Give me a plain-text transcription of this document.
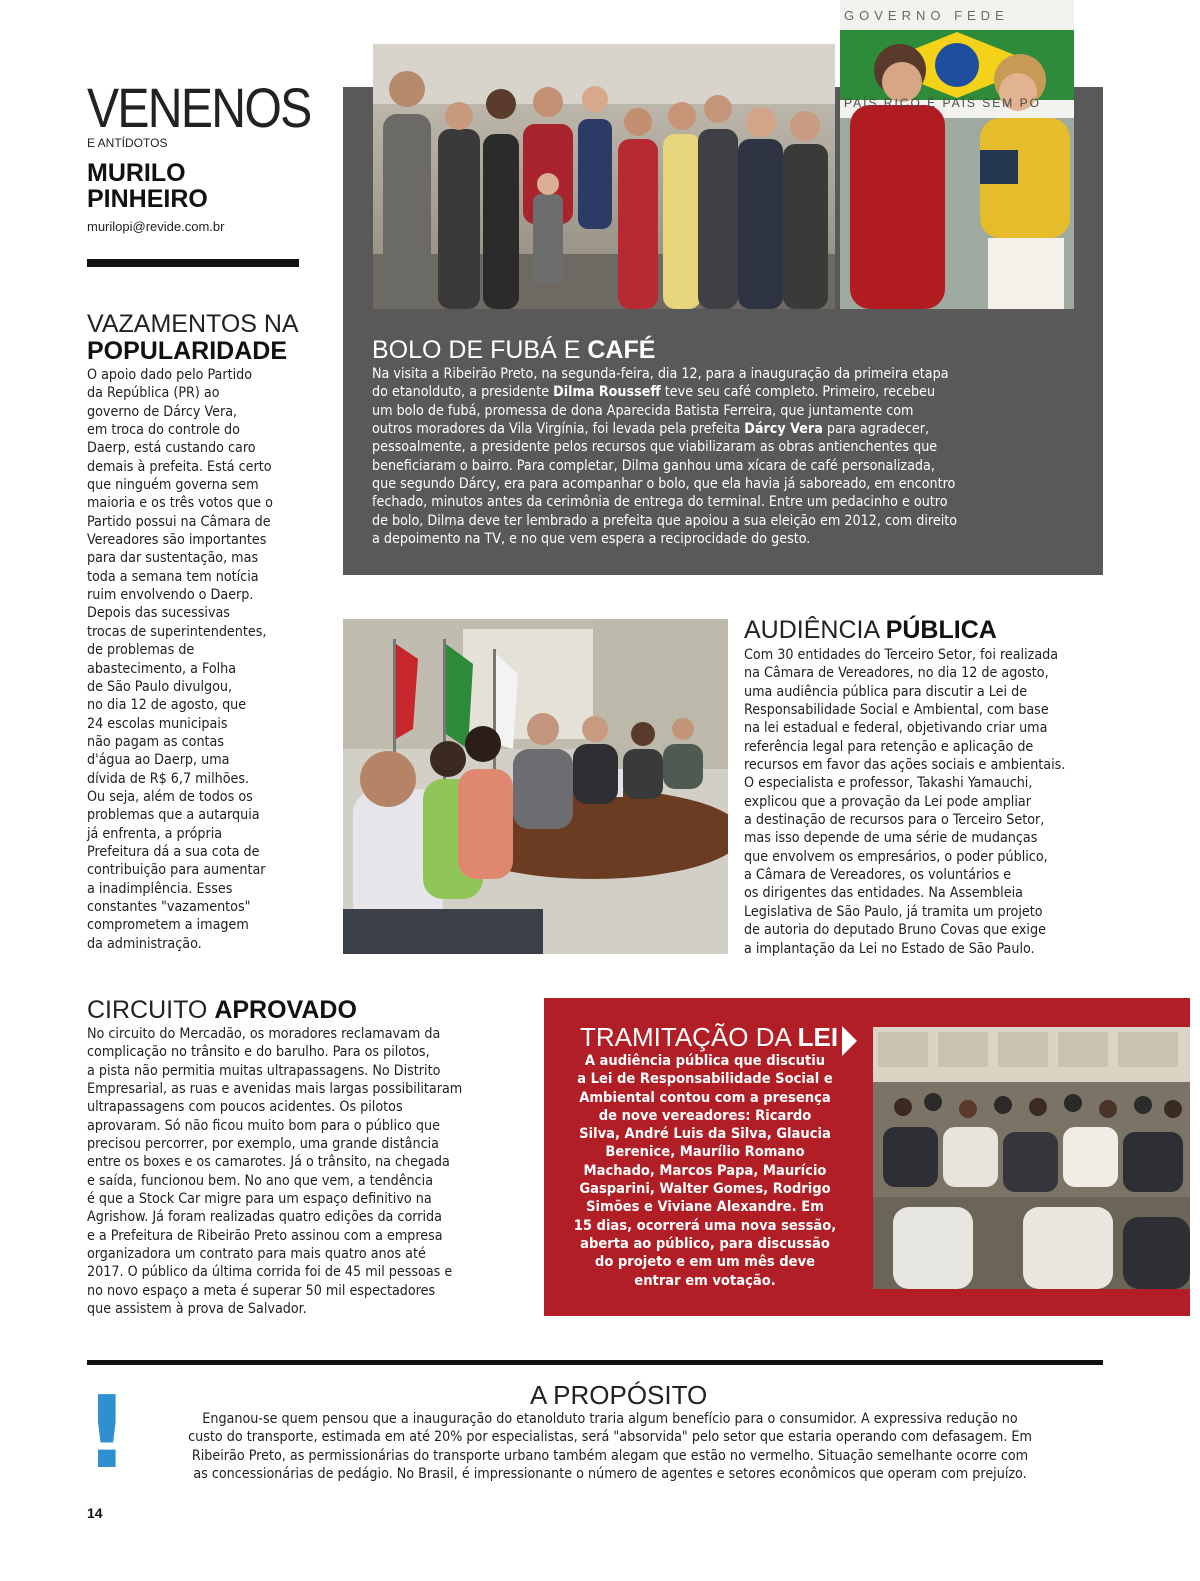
VENENOS
E ANTÍDOTOS
MURILO
PINHEIRO
murilopi@revide.com.br
VAZAMENTOS NA
POPULARIDADE
O apoio dado pelo Partido
da República (PR) ao
governo de Dárcy Vera,
em troca do controle do
Daerp, está custando caro
demais à prefeita. Está certo
que ninguém governa sem
maioria e os três votos que o
Partido possui na Câmara de
Vereadores são importantes
para dar sustentação, mas
toda a semana tem notícia
ruim envolvendo o Daerp.
Depois das sucessivas
trocas de superintendentes,
de problemas de
abastecimento, a Folha
de São Paulo divulgou,
no dia 12 de agosto, que
24 escolas municipais
não pagam as contas
d'água ao Daerp, uma
dívida de R$ 6,7 milhões.
Ou seja, além de todos os
problemas que a autarquia
já enfrenta, a própria
Prefeitura dá a sua cota de
contribuição para aumentar
a inadimplência. Esses
constantes "vazamentos"
comprometem a imagem
da administração.
GOVERNO FEDE
PAÍS RICO É PAÍS SEM PO
BOLO DE FUBÁ E CAFÉ
Na visita a Ribeirão Preto, na segunda-feira, dia 12, para a inauguração da primeira etapa
do etanolduto, a presidente Dilma Rousseff teve seu café completo. Primeiro, recebeu
um bolo de fubá, promessa de dona Aparecida Batista Ferreira, que juntamente com
outros moradores da Vila Virgínia, foi levada pela prefeita Dárcy Vera para agradecer,
pessoalmente, a presidente pelos recursos que viabilizaram as obras antienchentes que
beneficiaram o bairro. Para completar, Dilma ganhou uma xícara de café personalizada,
que segundo Dárcy, era para acompanhar o bolo, que ela havia já saboreado, em encontro
fechado, minutos antes da cerimônia de entrega do terminal. Entre um pedacinho e outro
de bolo, Dilma deve ter lembrado a prefeita que apoiou a sua eleição em 2012, com direito
a depoimento na TV, e no que vem espera a reciprocidade do gesto.
AUDIÊNCIA PÚBLICA
Com 30 entidades do Terceiro Setor, foi realizada
na Câmara de Vereadores, no dia 12 de agosto,
uma audiência pública para discutir a Lei de
Responsabilidade Social e Ambiental, com base
na lei estadual e federal, objetivando criar uma
referência legal para retenção e aplicação de
recursos em favor das ações sociais e ambientais.
O especialista e professor, Takashi Yamauchi,
explicou que a provação da Lei pode ampliar
a destinação de recursos para o Terceiro Setor,
mas isso depende de uma série de mudanças
que envolvem os empresários, o poder público,
a Câmara de Vereadores, os voluntários e
os dirigentes das entidades. Na Assembleia
Legislativa de São Paulo, já tramita um projeto
de autoria do deputado Bruno Covas que exige
a implantação da Lei no Estado de São Paulo.
CIRCUITO APROVADO
No circuito do Mercadão, os moradores reclamavam da
complicação no trânsito e do barulho. Para os pilotos,
a pista não permitia muitas ultrapassagens. No Distrito
Empresarial, as ruas e avenidas mais largas possibilitaram
ultrapassagens com poucos acidentes. Os pilotos
aprovaram. Só não ficou muito bom para o público que
precisou percorrer, por exemplo, uma grande distância
entre os boxes e os camarotes. Já o trânsito, na chegada
e saída, funcionou bem. No ano que vem, a tendência
é que a Stock Car migre para um espaço definitivo na
Agrishow. Já foram realizadas quatro edições da corrida
e a Prefeitura de Ribeirão Preto assinou com a empresa
organizadora um contrato para mais quatro anos até
2017. O público da última corrida foi de 45 mil pessoas e
no novo espaço a meta é superar 50 mil espectadores
que assistem à prova de Salvador.
TRAMITAÇÃO DA LEI
A audiência pública que discutiu
a Lei de Responsabilidade Social e
Ambiental contou com a presença
de nove vereadores: Ricardo
Silva, André Luis da Silva, Glaucia
Berenice, Maurílio Romano
Machado, Marcos Papa, Maurício
Gasparini, Walter Gomes, Rodrigo
Simões e Viviane Alexandre. Em
15 dias, ocorrerá uma nova sessão,
aberta ao público, para discussão
do projeto e em um mês deve
entrar em votação.
!	A PROPÓSITO
Enganou-se quem pensou que a inauguração do etanolduto traria algum benefício para o consumidor. A expressiva redução no
custo do transporte, estimada em até 20% por especialistas, será "absorvida" pelo setor que estaria operando com defasagem. Em
Ribeirão Preto, as permissionárias do transporte urbano também alegam que estão no vermelho. Situação semelhante ocorre com
as concessionárias de pedágio. No Brasil, é impressionante o número de agentes e setores econômicos que operam com prejuízo.
14
